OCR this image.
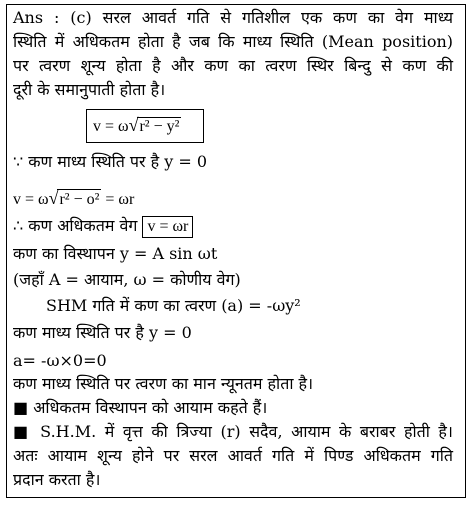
Ans : (c) सरल आवर्त गति से गतिशील एक कण का वेग माध्य
स्थिति में अधिकतम होता है जब कि माध्य स्थिति (Mean position)
पर त्वरण शून्य होता है और कण का त्वरण स्थिर बिन्दु से कण की
दूरी के समानुपाती होता है।
v = ω√r² − y²
∵ कण माध्य स्थिति पर है y = 0
v = ω√r² − o² = ωr
∴ कण अधिकतम वेग v = ωr
कण का विस्थापन y = A sin ωt
(जहाँ A = आयाम, ω = कोणीय वेग)
SHM गति में कण का त्वरण (a) = -ωy²
कण माध्य स्थिति पर है y = 0
a= -ω×0=0
कण माध्य स्थिति पर त्वरण का मान न्यूनतम होता है।
■ अधिकतम विस्थापन को आयाम कहते हैं।
■ S.H.M. में वृत्त की त्रिज्या (r) सदैव, आयाम के बराबर होती है।
अतः आयाम शून्य होने पर सरल आवर्त गति में पिण्ड अधिकतम गति
प्रदान करता है।
